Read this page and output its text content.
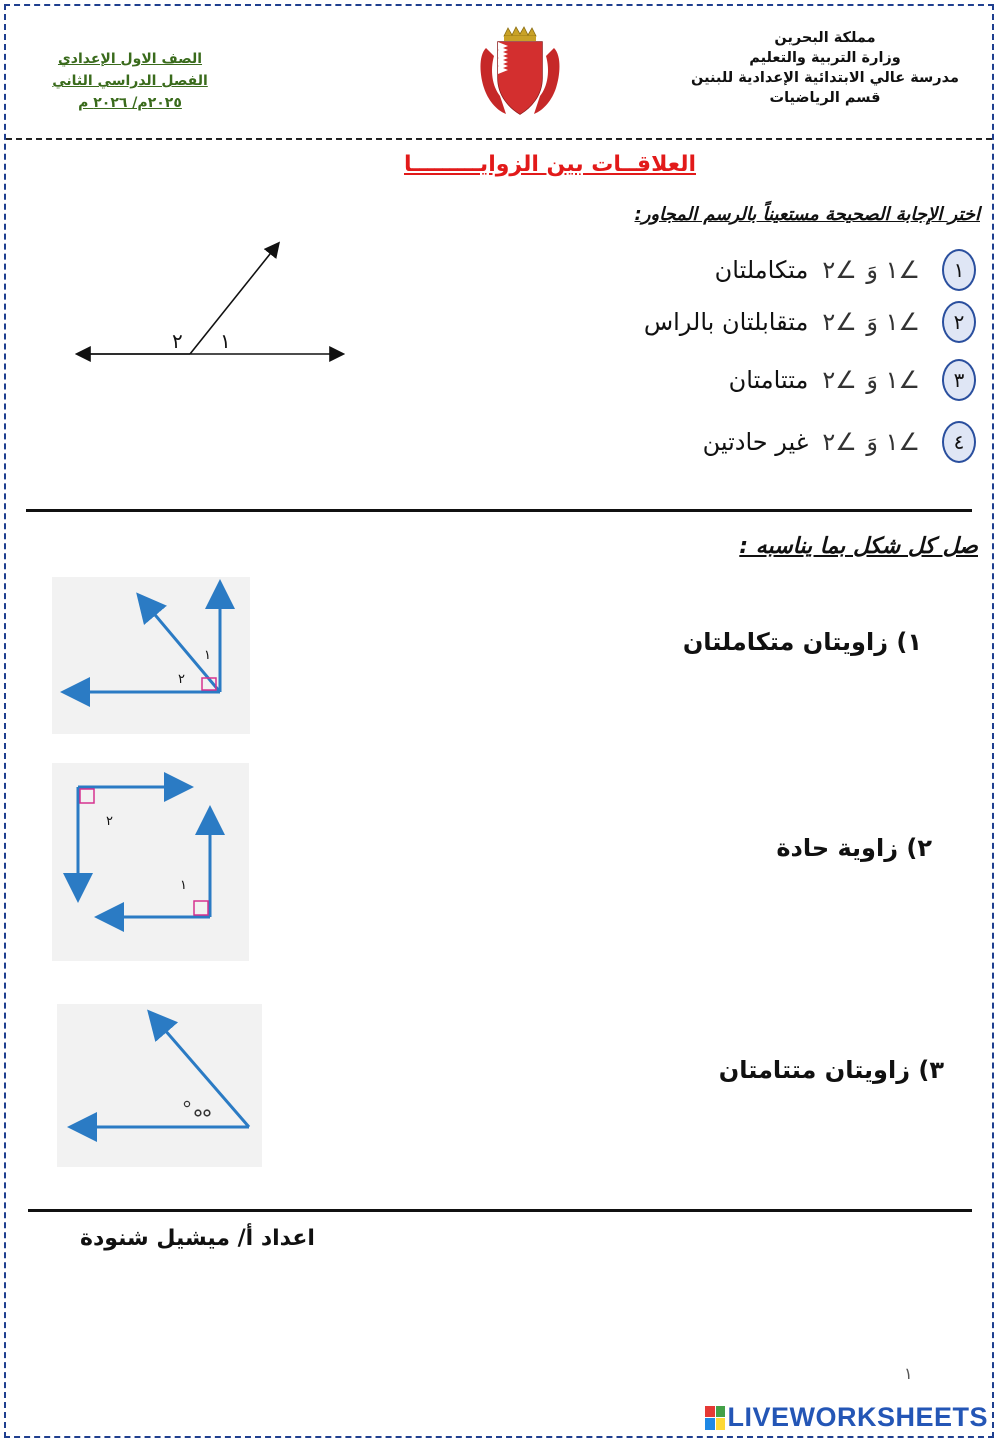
مملكة البحرين
وزارة التربية والتعليم
مدرسة عالي الابتدائية الإعدادية للبنين
قسم الرياضيات
الصف الاول الإعدادي
الفصل الدراسي الثاني
٢٠٢٥م/ ٢٠٢٦ م
العلاقــات بين الزوايـــــــــا
اختر الإجابة الصحيحة مستعيناً بالرسم المجاور:
١
٢
١
∠١ وَ ∠٢
متكاملتان
٢
∠١ وَ ∠٢
متقابلتان بالراس
٣
∠١ وَ ∠٢
متتامتان
٤
∠١ وَ ∠٢
غير حادتين
صل كل شكل بما يناسبه :
١
٢
١) زاويتان متكاملتان
٢
١
٢) زاوية حادة
٣) زاويتان متتامتان
اعداد أ/ ميشيل شنودة
١
LIVEWORKSHEETS
